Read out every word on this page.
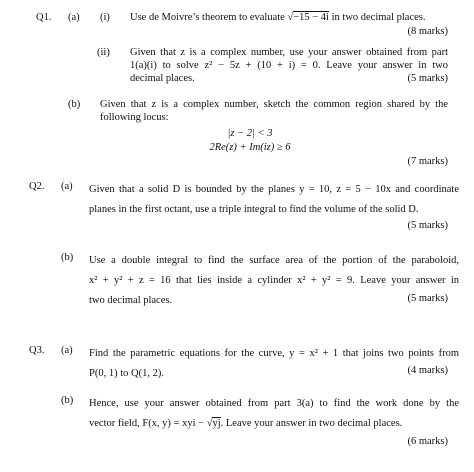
Q1. (a) (i) Use de Moivre’s theorem to evaluate √−15 − 4i in two decimal places.
(8 marks)
(ii) Given that z is a complex number, use your answer obtained from part
1(a)(i) to solve z² − 5z + (10 + i) = 0. Leave your answer in two
decimal places.	(5 marks)
(b) Given that z is a complex number, sketch the common region shared by the
following locus:
|z − 2| < 3
2Re(z) + Im(iz) ≥ 6
(7 marks)
Q2. (a) Given that a solid D is bounded by the planes y = 10, z = 5 − 10x and coordinate
planes in the first octant, use a triple integral to find the volume of the solid D.
(5 marks)
(b) Use a double integral to find the surface area of the portion of the paraboloid,
x² + y² + z = 16 that lies inside a cylinder x² + y² = 9. Leave your answer in
two decimal places.	(5 marks)
Q3. (a) Find the parametric equations for the curve, y = x² + 1 that joins two points from
P(0, 1) to Q(1, 2).	(4 marks)
(b) Hence, use your answer obtained from part 3(a) to find the work done by the
vector field, F(x, y) = xyi − √yj. Leave your answer in two decimal places.
(6 marks)
